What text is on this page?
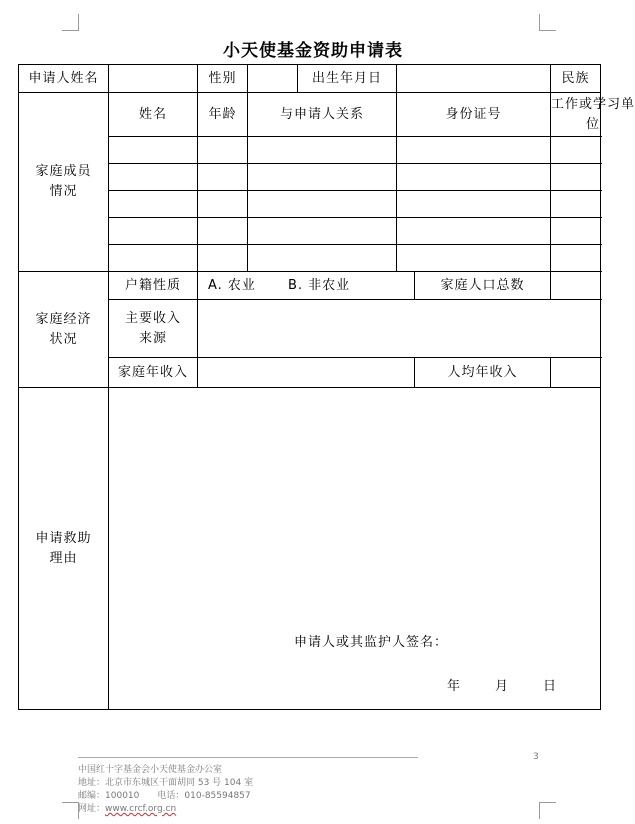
小天使基金资助申请表
申请人姓名		性别		出生年月日			民族	

家庭成员情况	姓名	年龄	与申请人关系		身份证号		工作或学习单位	

家庭经济状况	户籍性质	A. 农业 B. 非农业				家庭人口总数		

	主要收入来源							

	家庭年收入					人均年收入		

申请救助理由	申请人或其监护人签名：
年 月 日							
3
中国红十字基金会小天使基金办公室
地址：北京市东城区干面胡同 53 号 104 室
邮编：100010 电话：010-85594857
网址：www.crcf.org.cn
